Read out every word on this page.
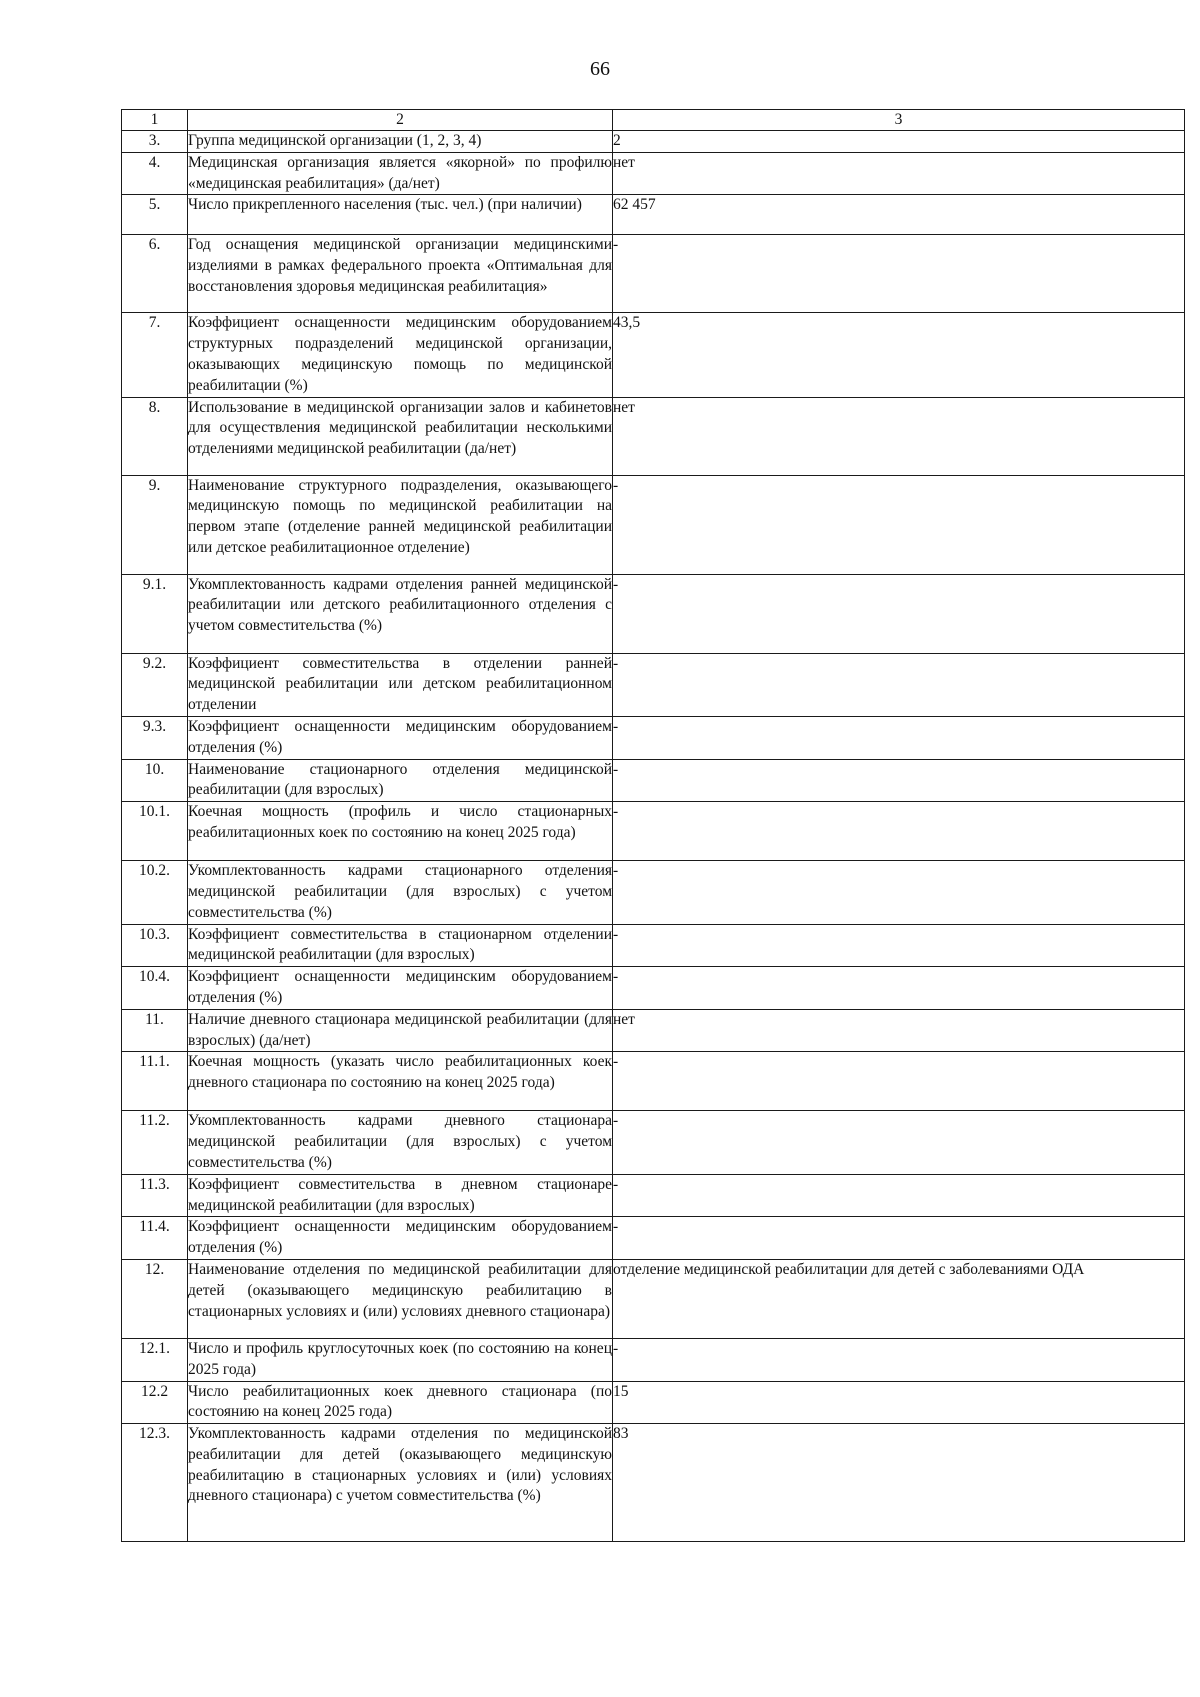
66
1	2	3
3.	Группа медицинской организации (1, 2, 3, 4)	2
4.	Медицинская организация является «якорной» по профилю «медицинская реабилитация» (да/нет)	нет
5.	Число прикрепленного населения (тыс. чел.) (при наличии)	62 457
6.	Год оснащения медицинской организации медицинскими изделиями в рамках федерального проекта «Оптимальная для восстановления здоровья медицинская реабилитация»	-
7.	Коэффициент оснащенности медицинским оборудованием структурных подразделений медицинской организации, оказывающих медицинскую помощь по медицинской реабилитации (%)	43,5
8.	Использование в медицинской организации залов и кабинетов для осуществления медицинской реабилитации несколькими отделениями медицинской реабилитации (да/нет)	нет
9.	Наименование структурного подразделения, оказывающего медицинскую помощь по медицинской реабилитации на первом этапе (отделение ранней медицинской реабилитации или детское реабилитационное отделение)	-
9.1.	Укомплектованность кадрами отделения ранней медицинской реабилитации или детского реабилитационного отделения с учетом совместительства (%)	-
9.2.	Коэффициент совместительства в отделении ранней медицинской реабилитации или детском реабилитационном отделении	-
9.3.	Коэффициент оснащенности медицинским оборудованием отделения (%)	-
10.	Наименование стационарного отделения медицинской реабилитации (для взрослых)	-
10.1.	Коечная мощность (профиль и число стационарных реабилитационных коек по состоянию на конец 2025 года)	-
10.2.	Укомплектованность кадрами стационарного отделения медицинской реабилитации (для взрослых) с учетом совместительства (%)	-
10.3.	Коэффициент совместительства в стационарном отделении медицинской реабилитации (для взрослых)	-
10.4.	Коэффициент оснащенности медицинским оборудованием отделения (%)	-
11.	Наличие дневного стационара медицинской реабилитации (для взрослых) (да/нет)	нет
11.1.	Коечная мощность (указать число реабилитационных коек дневного стационара по состоянию на конец 2025 года)	-
11.2.	Укомплектованность кадрами дневного стационара медицинской реабилитации (для взрослых) с учетом совместительства (%)	-
11.3.	Коэффициент совместительства в дневном стационаре медицинской реабилитации (для взрослых)	-
11.4.	Коэффициент оснащенности медицинским оборудованием отделения (%)	-
12.	Наименование отделения по медицинской реабилитации для детей (оказывающего медицинскую реабилитацию в стационарных условиях и (или) условиях дневного стационара)	отделение медицинской реабилитации для детей с заболеваниями ОДА
12.1.	Число и профиль круглосуточных коек (по состоянию на конец 2025 года)	-
12.2	Число реабилитационных коек дневного стационара (по состоянию на конец 2025 года)	15
12.3.	Укомплектованность кадрами отделения по медицинской реабилитации для детей (оказывающего медицинскую реабилитацию в стационарных условиях и (или) условиях дневного стационара) с учетом совместительства (%)	83
